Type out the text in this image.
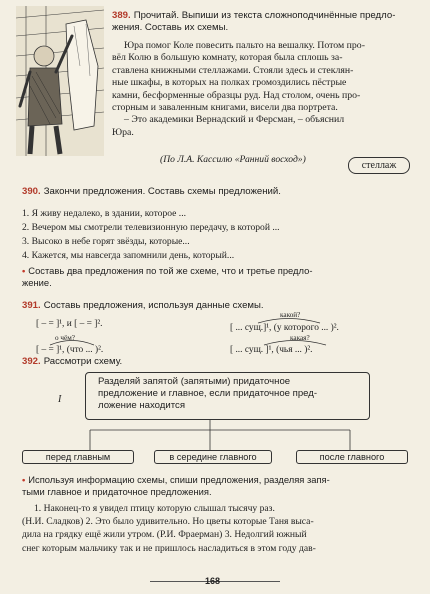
389. Прочитай. Выпиши из текста сложноподчинённые предло-
жения. Составь их схемы.
Юра помог Коле повесить пальто на вешалку. Потом про-
вёл Колю в большую комнату, которая была сплошь за-
ставлена книжными стеллажами. Стояли здесь и стеклян-
ные шкафы, в которых на полках громоздились пёстрые
камни, бесформенные образцы руд. Над столом, очень про-
сторным и заваленным книгами, висели два портрета.
– Это академики Вернадский и Ферсман, – объяснил
Юра.
(По Л.А. Кассилю «Ранний восход»)
стеллаж
390. Закончи предложения. Составь схемы предложений.
1. Я живу недалеко, в здании, которое ...
2. Вечером мы смотрели телевизионную передачу, в которой ...
3. Высоко в небе горят звёзды, которые...
4. Кажется, мы навсегда запомнили день, который...
• Составь два предложения по той же схеме, что и третье предло-
жение.
391. Составь предложения, используя данные схемы.
[ – = ]¹, и [ – = ]².
какой?
[ ... сущ.]¹, (у которого ... )².
о чём?
[ – = ]¹, (что ... )².
какая?
[ ... сущ. ]¹, (чья ... )².
392. Рассмотри схему.
I
Разделяй запятой (запятыми) придаточное
предложение и главное, если придаточное пред-
ложение находится
перед главным	в середине главного	после главного
• Используя информацию схемы, спиши предложения, разделяя запя-
тыми главное и придаточное предложения.
1. Наконец-то я увидел птицу которую слышал тысячу раз.
(Н.И. Сладков) 2. Это было удивительно. Но цветы которые Таня выса-
дила на грядку ещё жили утром. (Р.И. Фраерман) 3. Недолгий южный
снег которым мальчику так и не пришлось насладиться в этом году дав-
168
